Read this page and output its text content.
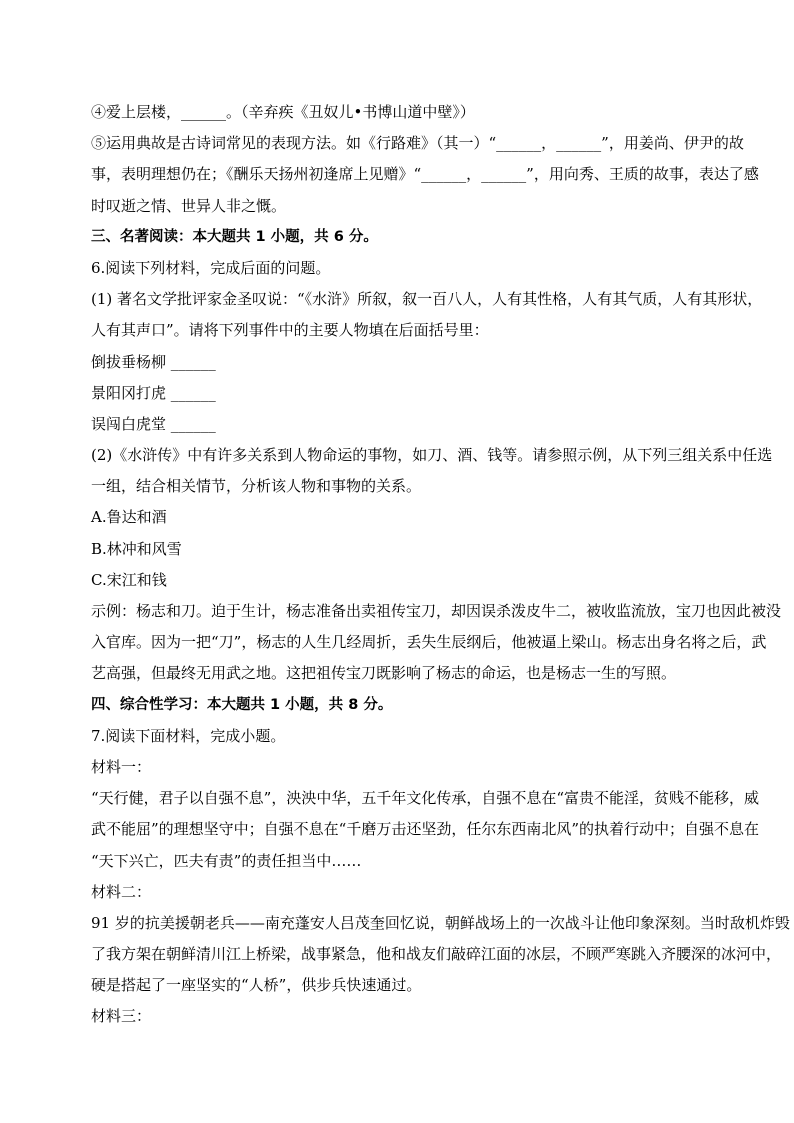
④爱上层楼，______。（辛弃疾《丑奴儿•书博山道中壁》）
⑤运用典故是古诗词常见的表现方法。如《行路难》（其一）“______，______”，用姜尚、伊尹的故
事，表明理想仍在；《酬乐天扬州初逢席上见赠》“______，______”，用向秀、王质的故事，表达了感
时叹逝之情、世异人非之慨。
三、名著阅读：本大题共 1 小题，共 6 分。
6.阅读下列材料，完成后面的问题。
(1) 著名文学批评家金圣叹说：“《水浒》所叙，叙一百八人，人有其性格，人有其气质，人有其形状，
人有其声口”。请将下列事件中的主要人物填在后面括号里：
倒拔垂杨柳 ______
景阳冈打虎 ______
误闯白虎堂 ______
(2)《水浒传》中有许多关系到人物命运的事物，如刀、酒、钱等。请参照示例，从下列三组关系中任选
一组，结合相关情节，分析该人物和事物的关系。
A.鲁达和酒
B.林冲和风雪
C.宋江和钱
示例：杨志和刀。迫于生计，杨志准备出卖祖传宝刀，却因误杀泼皮牛二，被收监流放，宝刀也因此被没
入官库。因为一把“刀”，杨志的人生几经周折，丢失生辰纲后，他被逼上梁山。杨志出身名将之后，武
艺高强，但最终无用武之地。这把祖传宝刀既影响了杨志的命运，也是杨志一生的写照。
四、综合性学习：本大题共 1 小题，共 8 分。
7.阅读下面材料，完成小题。
材料一：
“天行健，君子以自强不息”，泱泱中华，五千年文化传承，自强不息在“富贵不能淫，贫贱不能移，威
武不能屈”的理想坚守中；自强不息在“千磨万击还坚劲，任尔东西南北风”的执着行动中；自强不息在
“天下兴亡，匹夫有责”的责任担当中……
材料二：
91 岁的抗美援朝老兵——南充蓬安人吕茂奎回忆说，朝鲜战场上的一次战斗让他印象深刻。当时敌机炸毁
了我方架在朝鲜清川江上桥梁，战事紧急，他和战友们敲碎江面的冰层，不顾严寒跳入齐腰深的冰河中，
硬是搭起了一座坚实的“人桥”，供步兵快速通过。
材料三：
